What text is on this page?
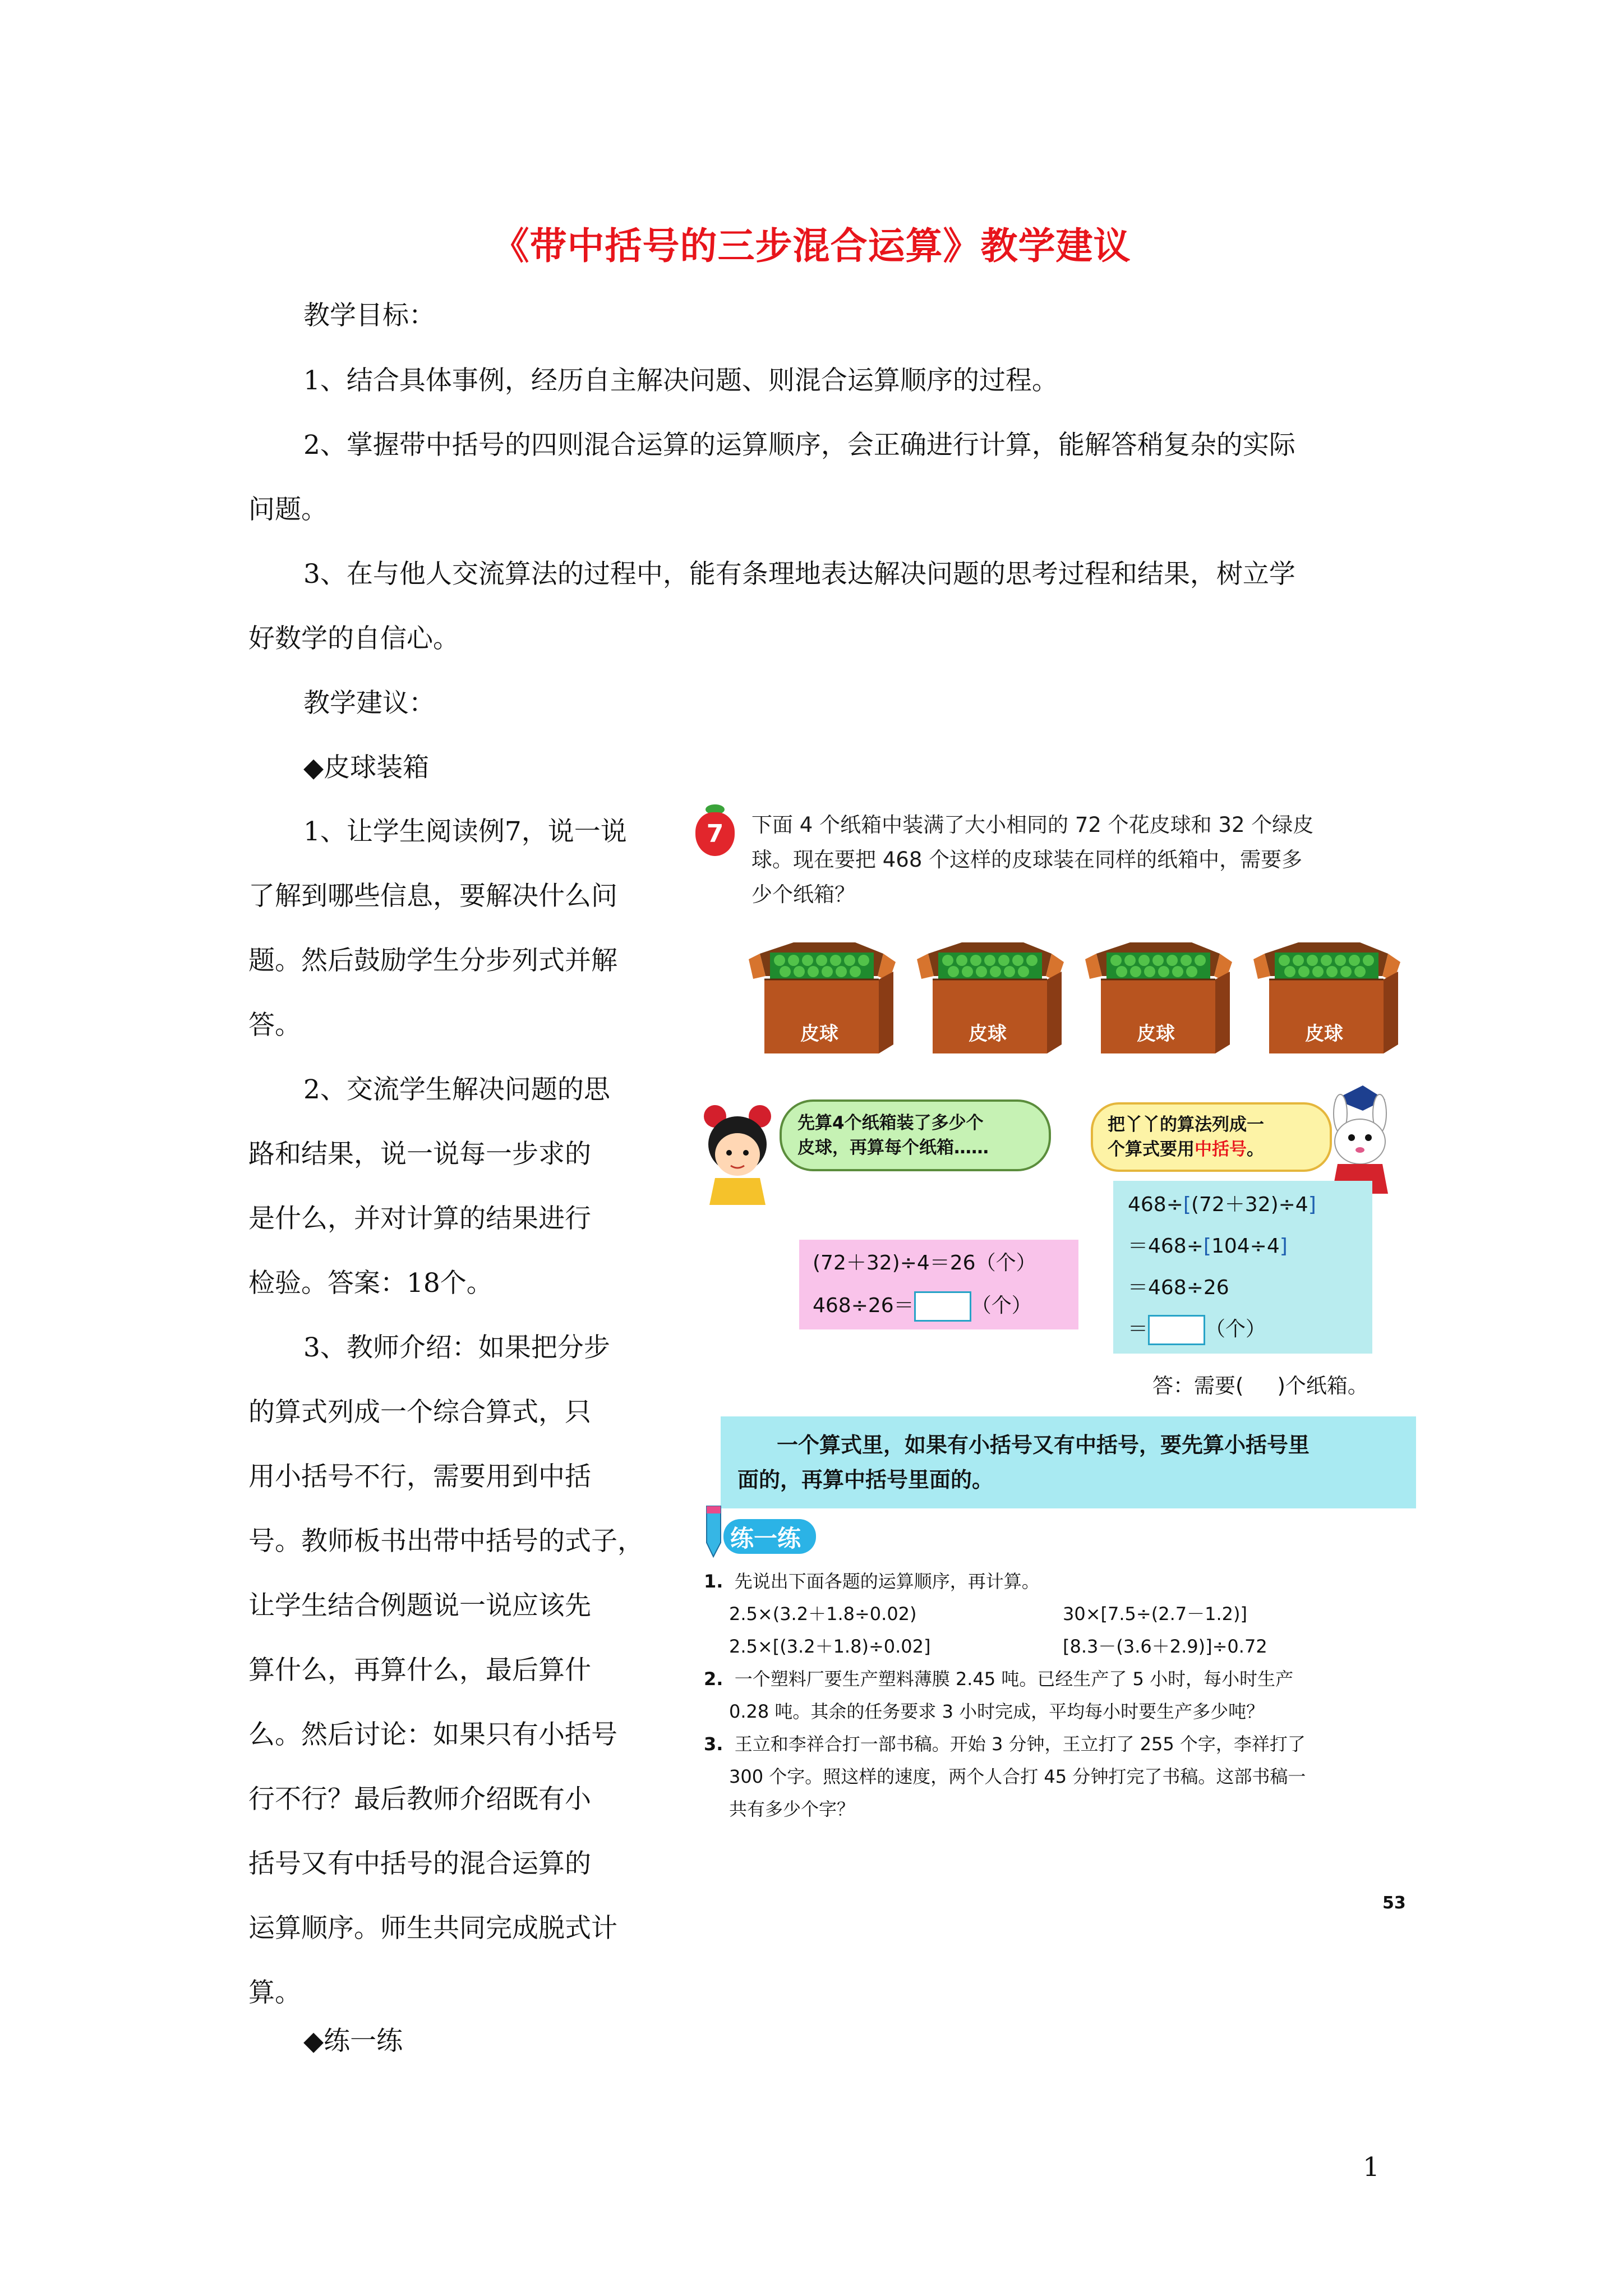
《带中括号的三步混合运算》教学建议
教学目标：
1、结合具体事例，经历自主解决问题、则混合运算顺序的过程。
2、掌握带中括号的四则混合运算的运算顺序，会正确进行计算，能解答稍复杂的实际
问题。
3、在与他人交流算法的过程中，能有条理地表达解决问题的思考过程和结果，树立学
好数学的自信心。
教学建议：
◆皮球装箱
1、让学生阅读例7，说一说
了解到哪些信息，要解决什么问
题。然后鼓励学生分步列式并解
答。
2、交流学生解决问题的思
路和结果，说一说每一步求的
是什么，并对计算的结果进行
检验。答案：18个。
3、教师介绍：如果把分步
的算式列成一个综合算式，只
用小括号不行，需要用到中括
号。教师板书出带中括号的式子，
让学生结合例题说一说应该先
算什么，再算什么，最后算什
么。然后讨论：如果只有小括号
行不行？最后教师介绍既有小
括号又有中括号的混合运算的
运算顺序。师生共同完成脱式计
算。
◆练一练
1
7	下面 4 个纸箱中装满了大小相同的 72 个花皮球和 32 个绿皮
球。现在要把 468 个这样的皮球装在同样的纸箱中，需要多
少个纸箱？
皮球	皮球	皮球	皮球
先算4个纸箱装了多少个
皮球，再算每个纸箱……
把丫丫的算法列成一
个算式要用中括号。
(72＋32)÷4＝26（个）
468÷26＝	（个）
468÷[(72＋32)÷4]
＝468÷[104÷4]
＝468÷26
＝	（个）
答：需要( )个纸箱。
一个算式里，如果有小括号又有中括号，要先算小括号里
面的，再算中括号里面的。
练一练
1. 先说出下面各题的运算顺序，再计算。
2.5×(3.2＋1.8÷0.02)	30×[7.5÷(2.7－1.2)]
2.5×[(3.2＋1.8)÷0.02]	[8.3－(3.6＋2.9)]÷0.72
2. 一个塑料厂要生产塑料薄膜 2.45 吨。已经生产了 5 小时，每小时生产
0.28 吨。其余的任务要求 3 小时完成，平均每小时要生产多少吨？
3. 王立和李祥合打一部书稿。开始 3 分钟，王立打了 255 个字，李祥打了
300 个字。照这样的速度，两个人合打 45 分钟打完了书稿。这部书稿一
共有多少个字？
53
